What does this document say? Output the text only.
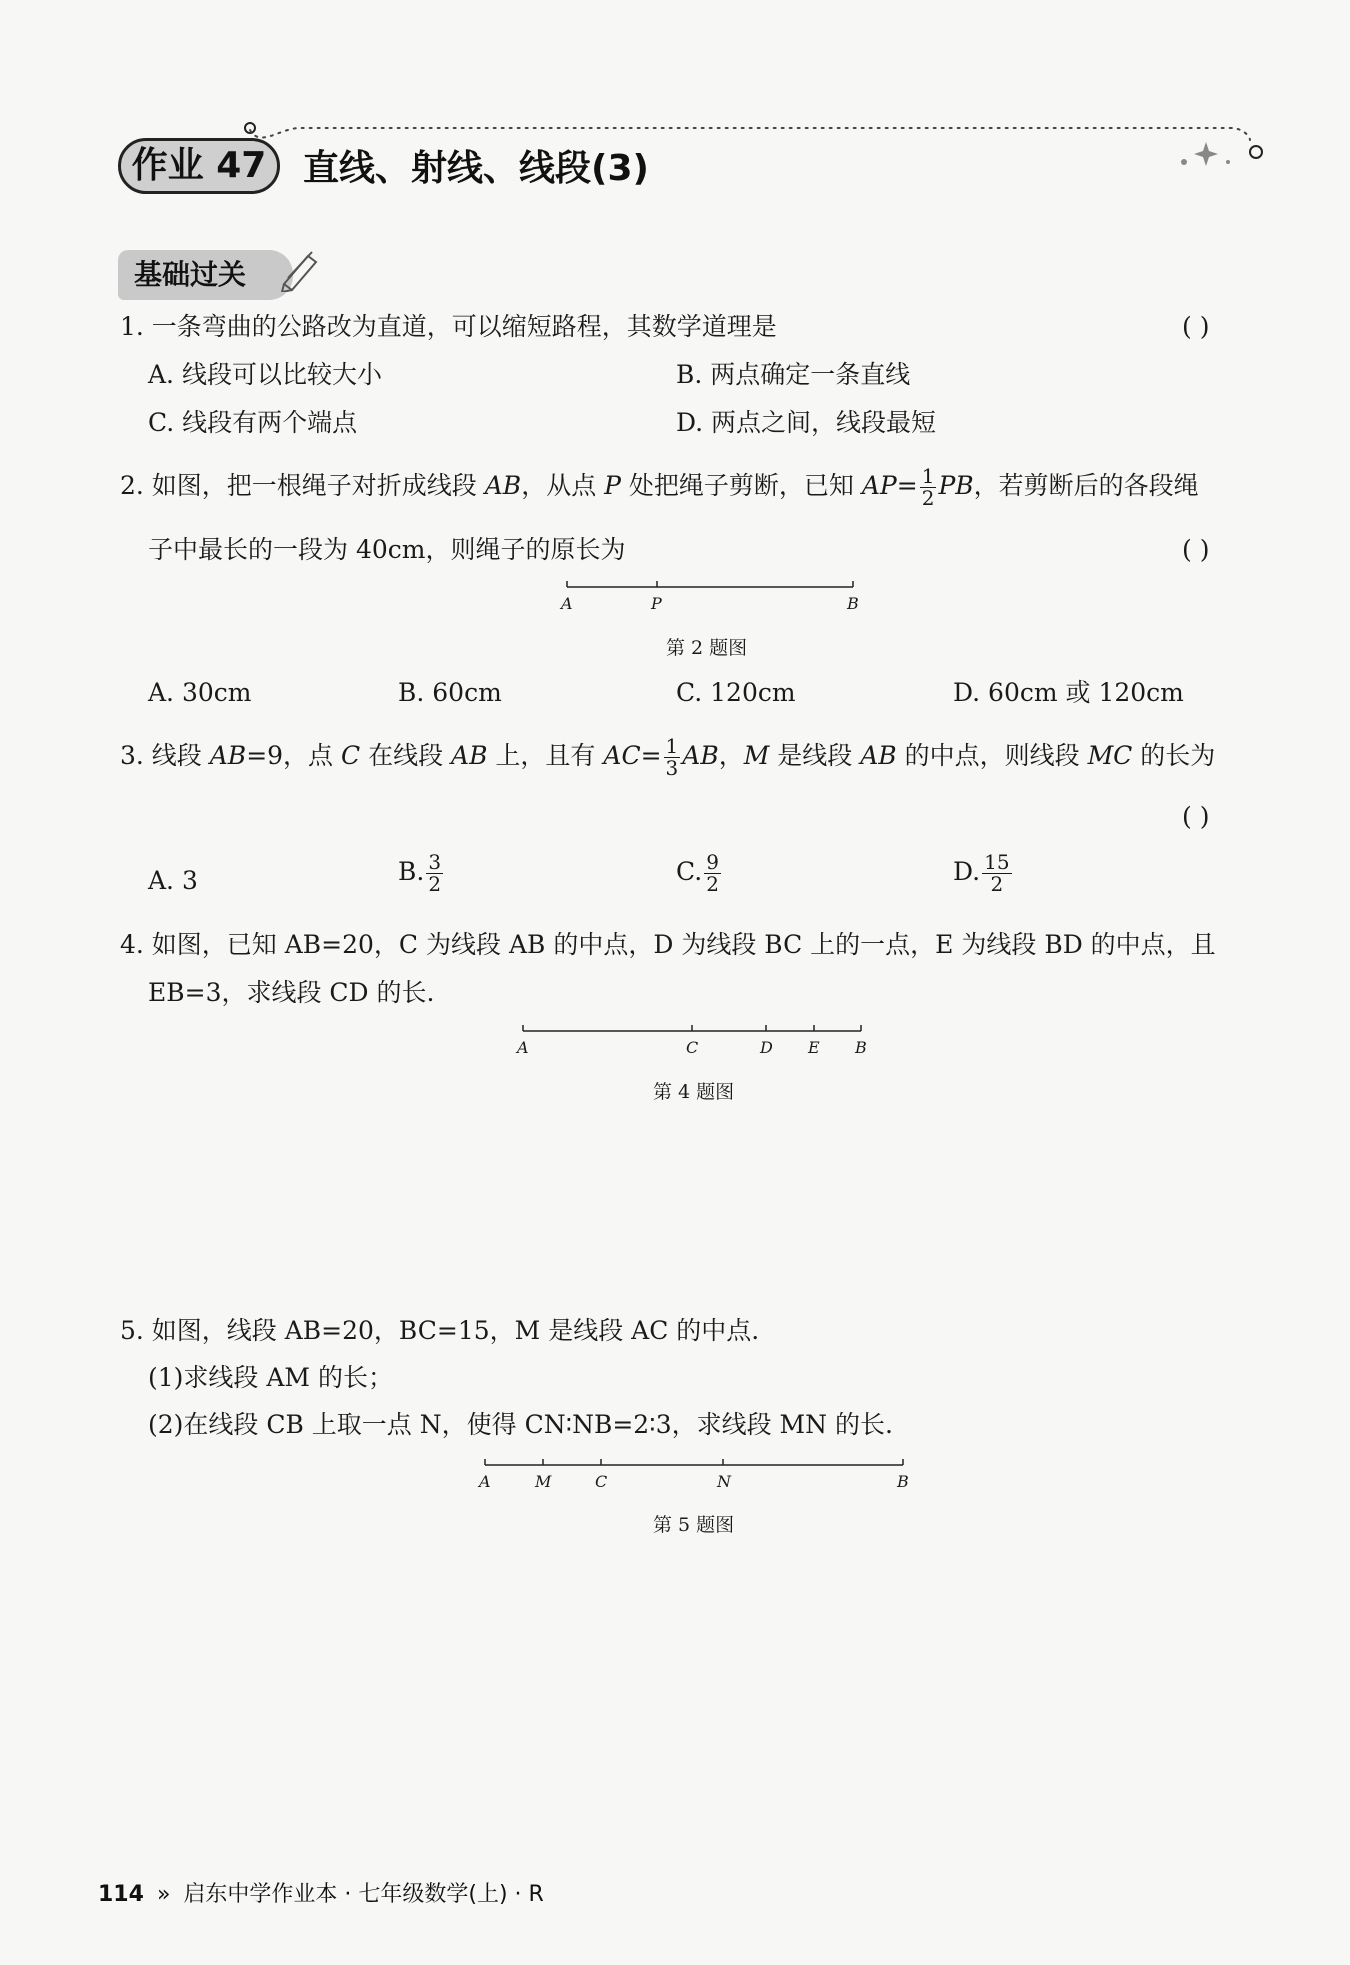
作业 47	直线、射线、线段(3)
基础过关
1. 一条弯曲的公路改为直道，可以缩短路程，其数学道理是	( )
A. 线段可以比较大小	B. 两点确定一条直线
C. 线段有两个端点	D. 两点之间，线段最短
2. 如图，把一根绳子对折成线段 AB，从点 P 处把绳子剪断，已知 $AP= \frac{1}{2}$ PB，若剪断后的各段绳
子中最长的一段为 40cm，则绳子的原长为	( )
A	P	B
第 2 题图
A. 30cm	B. 60cm	C. 120cm	D. 60cm 或 120cm
3. 线段 AB=9，点 C 在线段 AB 上，且有 $AC= \frac{1}{3}$ AB，M 是线段 AB 的中点，则线段 MC 的长为
( )
A. 3	B. $\frac{3}{2}$	C. $\frac{9}{2}$	D. $\frac{15}{2}$
4. 如图，已知 AB=20，C 为线段 AB 的中点，D 为线段 BC 上的一点，E 为线段 BD 的中点，且
EB=3，求线段 CD 的长.
A	C	D E B
第 4 题图
5. 如图，线段 AB=20，BC=15，M 是线段 AC 的中点.
(1)求线段 AM 的长；
(2)在线段 CB 上取一点 N，使得 CN∶NB=2∶3，求线段 MN 的长.
A	M	C	N	B
第 5 题图
114 » 启东中学作业本 · 七年级数学(上) · R
